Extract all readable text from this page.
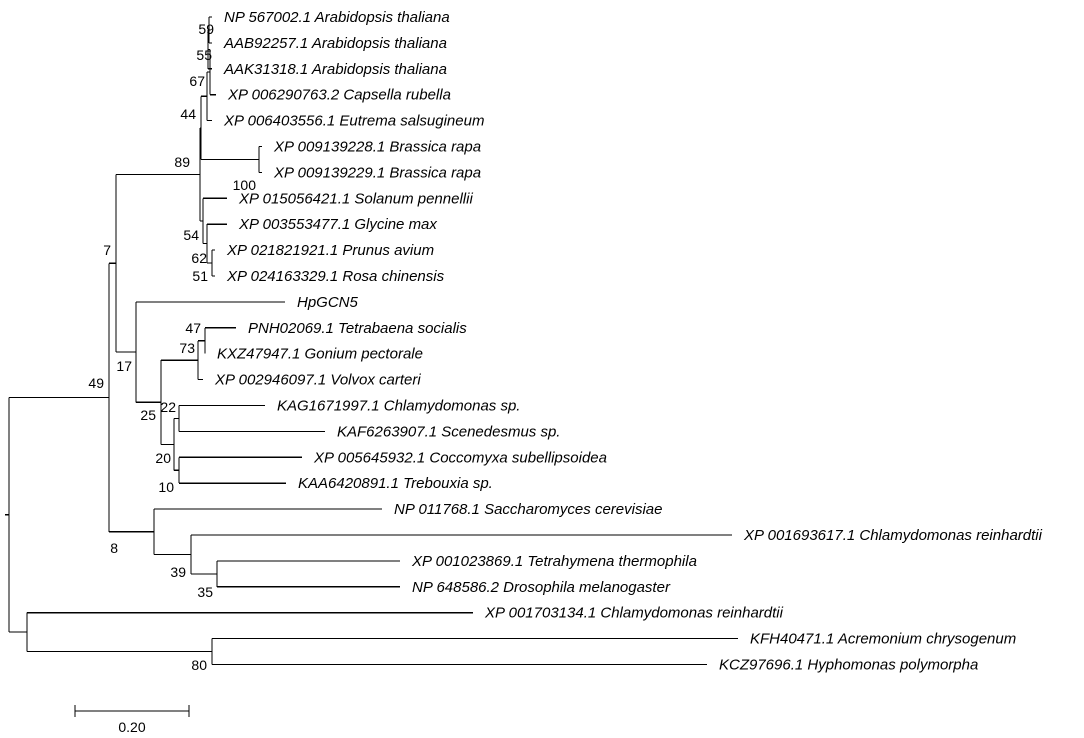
NP 567002.1 Arabidopsis thaliana
AAB92257.1 Arabidopsis thaliana
AAK31318.1 Arabidopsis thaliana
XP 006290763.2 Capsella rubella
XP 006403556.1 Eutrema salsugineum
XP 009139228.1 Brassica rapa
XP 009139229.1 Brassica rapa
XP 015056421.1 Solanum pennellii
XP 003553477.1 Glycine max
XP 021821921.1 Prunus avium
XP 024163329.1 Rosa chinensis
HpGCN5
PNH02069.1 Tetrabaena socialis
KXZ47947.1 Gonium pectorale
XP 002946097.1 Volvox carteri
KAG1671997.1 Chlamydomonas sp.
KAF6263907.1 Scenedesmus sp.
XP 005645932.1 Coccomyxa subellipsoidea
KAA6420891.1 Trebouxia sp.
NP 011768.1 Saccharomyces cerevisiae
XP 001693617.1 Chlamydomonas reinhardtii
XP 001023869.1 Tetrahymena thermophila
NP 648586.2 Drosophila melanogaster
XP 001703134.1 Chlamydomonas reinhardtii
KFH40471.1 Acremonium chrysogenum
KCZ97696.1 Hyphomonas polymorpha
59
55
67
44
100
89
54
62
51
7
47
73
17
22
25
20
10
49
8
39
35
80
0.20
